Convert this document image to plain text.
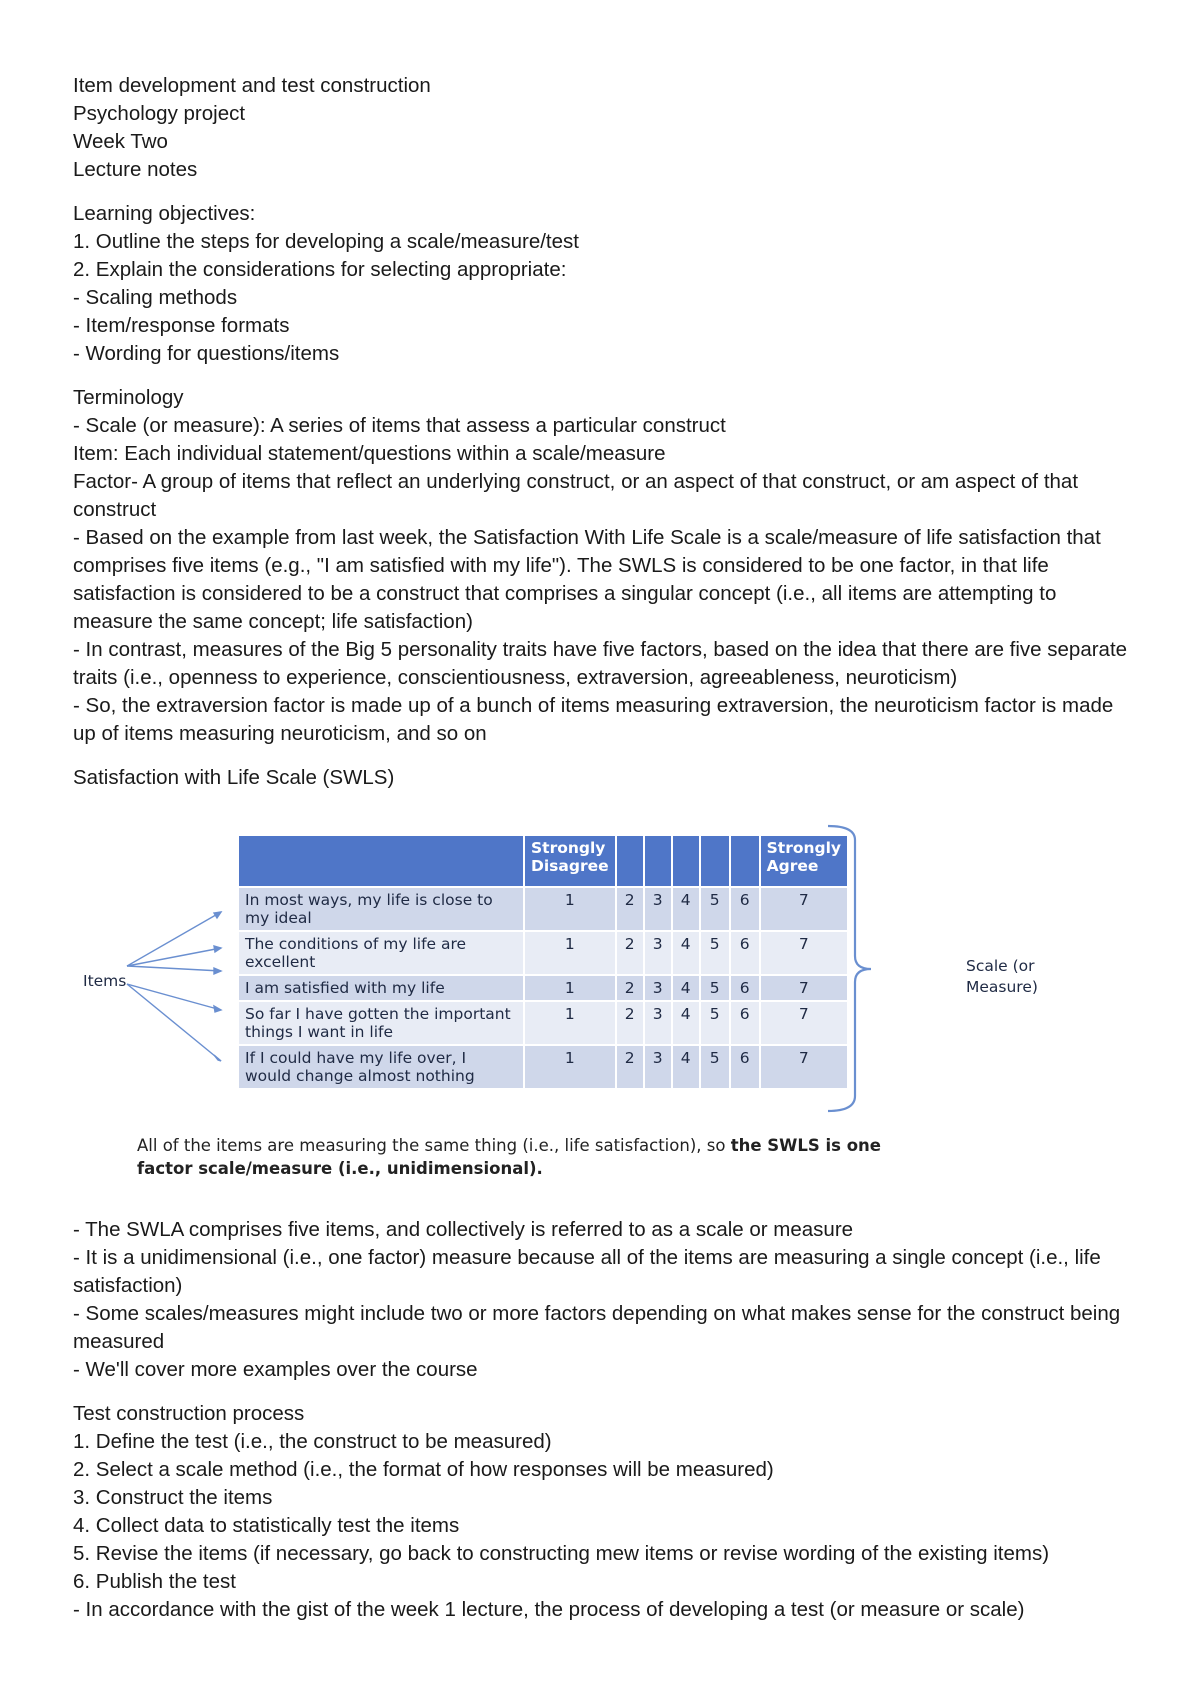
Item development and test construction
Psychology project
Week Two
Lecture notes
Learning objectives:
1. Outline the steps for developing a scale/measure/test
2. Explain the considerations for selecting appropriate:
- Scaling methods
- Item/response formats
- Wording for questions/items
Terminology
- Scale (or measure): A series of items that assess a particular construct
Item: Each individual statement/questions within a scale/measure
Factor- A group of items that reflect an underlying construct, or an aspect of that construct, or am aspect of that construct
- Based on the example from last week, the Satisfaction With Life Scale is a scale/measure of life satisfaction that comprises five items (e.g., "I am satisfied with my life"). The SWLS is considered to be one factor, in that life satisfaction is considered to be a construct that comprises a singular concept (i.e., all items are attempting to measure the same concept; life satisfaction)
- In contrast, measures of the Big 5 personality traits have five factors, based on the idea that there are five separate traits (i.e., openness to experience, conscientiousness, extraversion, agreeableness, neuroticism)
- So, the extraversion factor is made up of a bunch of items measuring extraversion, the neuroticism factor is made up of items measuring neuroticism, and so on
Satisfaction with Life Scale (SWLS)
Items
Scale (or
Measure)
	Strongly Disagree						Strongly Agree
In most ways, my life is close to my ideal	1	2	3	4	5	6	7
The conditions of my life are excellent	1	2	3	4	5	6	7
I am satisfied with my life	1	2	3	4	5	6	7
So far I have gotten the important things I want in life	1	2	3	4	5	6	7
If I could have my life over, I would change almost nothing	1	2	3	4	5	6	7
All of the items are measuring the same thing (i.e., life satisfaction), so the SWLS is one factor scale/measure (i.e., unidimensional).
- The SWLA comprises five items, and collectively is referred to as a scale or measure
- It is a unidimensional (i.e., one factor) measure because all of the items are measuring a single concept (i.e., life satisfaction)
- Some scales/measures might include two or more factors depending on what makes sense for the construct being measured
- We'll cover more examples over the course
Test construction process
1. Define the test (i.e., the construct to be measured)
2. Select a scale method (i.e., the format of how responses will be measured)
3. Construct the items
4. Collect data to statistically test the items
5. Revise the items (if necessary, go back to constructing mew items or revise wording of the existing items)
6. Publish the test
- In accordance with the gist of the week 1 lecture, the process of developing a test (or measure or scale)
